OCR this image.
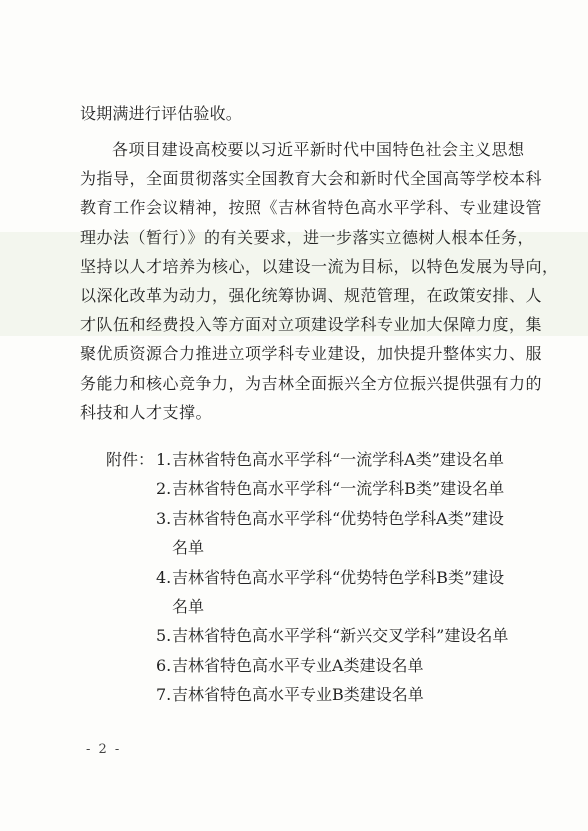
设期满进行评估验收。
各项目建设高校要以习近平新时代中国特色社会主义思想
为指导，全面贯彻落实全国教育大会和新时代全国高等学校本科
教育工作会议精神，按照《吉林省特色高水平学科、专业建设管
理办法（暂行）》的有关要求，进一步落实立德树人根本任务，
坚持以人才培养为核心，以建设一流为目标，以特色发展为导向，
以深化改革为动力，强化统筹协调、规范管理，在政策安排、人
才队伍和经费投入等方面对立项建设学科专业加大保障力度，集
聚优质资源合力推进立项学科专业建设，加快提升整体实力、服
务能力和核心竞争力，为吉林全面振兴全方位振兴提供强有力的
科技和人才支撑。
附件： 1.吉林省特色高水平学科“一流学科A类”建设名单
2.吉林省特色高水平学科“一流学科B类”建设名单
3.吉林省特色高水平学科“优势特色学科A类”建设
名单
4.吉林省特色高水平学科“优势特色学科B类”建设
名单
5.吉林省特色高水平学科“新兴交叉学科”建设名单
6.吉林省特色高水平专业A类建设名单
7.吉林省特色高水平专业B类建设名单
- 2 -
